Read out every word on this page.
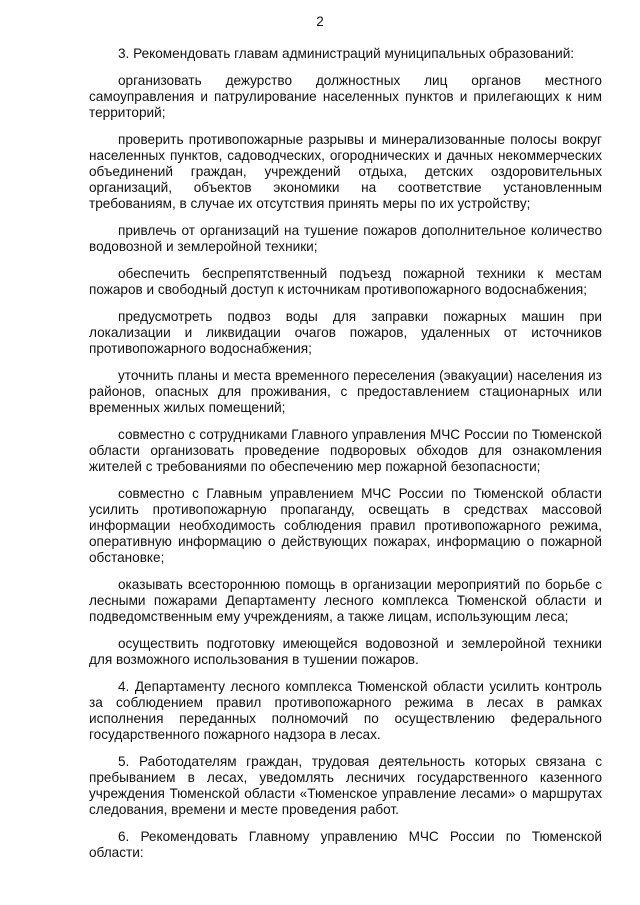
2

3. Рекомендовать главам администраций муниципальных образований:

организовать дежурство должностных лиц органов местного самоуправления и патрулирование населенных пунктов и прилегающих к ним территорий;

проверить противопожарные разрывы и минерализованные полосы вокруг населенных пунктов, садоводческих, огороднических и дачных некоммерческих объединений граждан, учреждений отдыха, детских оздоровительных организаций, объектов экономики на соответствие установленным требованиям, в случае их отсутствия принять меры по их устройству;

привлечь от организаций на тушение пожаров дополнительное количество водовозной и землеройной техники;

обеспечить беспрепятственный подъезд пожарной техники к местам пожаров и свободный доступ к источникам противопожарного водоснабжения;

предусмотреть подвоз воды для заправки пожарных машин при локализации и ликвидации очагов пожаров, удаленных от источников противопожарного водоснабжения;

уточнить планы и места временного переселения (эвакуации) населения из районов, опасных для проживания, с предоставлением стационарных или временных жилых помещений;

совместно с сотрудниками Главного управления МЧС России по Тюменской области организовать проведение подворовых обходов для ознакомления жителей с требованиями по обеспечению мер пожарной безопасности;

совместно с Главным управлением МЧС России по Тюменской области усилить противопожарную пропаганду, освещать в средствах массовой информации необходимость соблюдения правил противопожарного режима, оперативную информацию о действующих пожарах, информацию о пожарной обстановке;

оказывать всестороннюю помощь в организации мероприятий по борьбе с лесными пожарами Департаменту лесного комплекса Тюменской области и подведомственным ему учреждениям, а также лицам, использующим леса;

осуществить подготовку имеющейся водовозной и землеройной техники для возможного использования в тушении пожаров.

4. Департаменту лесного комплекса Тюменской области усилить контроль за соблюдением правил противопожарного режима в лесах в рамках исполнения переданных полномочий по осуществлению федерального государственного пожарного надзора в лесах.

5. Работодателям граждан, трудовая деятельность которых связана с пребыванием в лесах, уведомлять лесничих государственного казенного учреждения Тюменской области «Тюменское управление лесами» о маршрутах следования, времени и месте проведения работ.

6. Рекомендовать Главному управлению МЧС России по Тюменской области:
